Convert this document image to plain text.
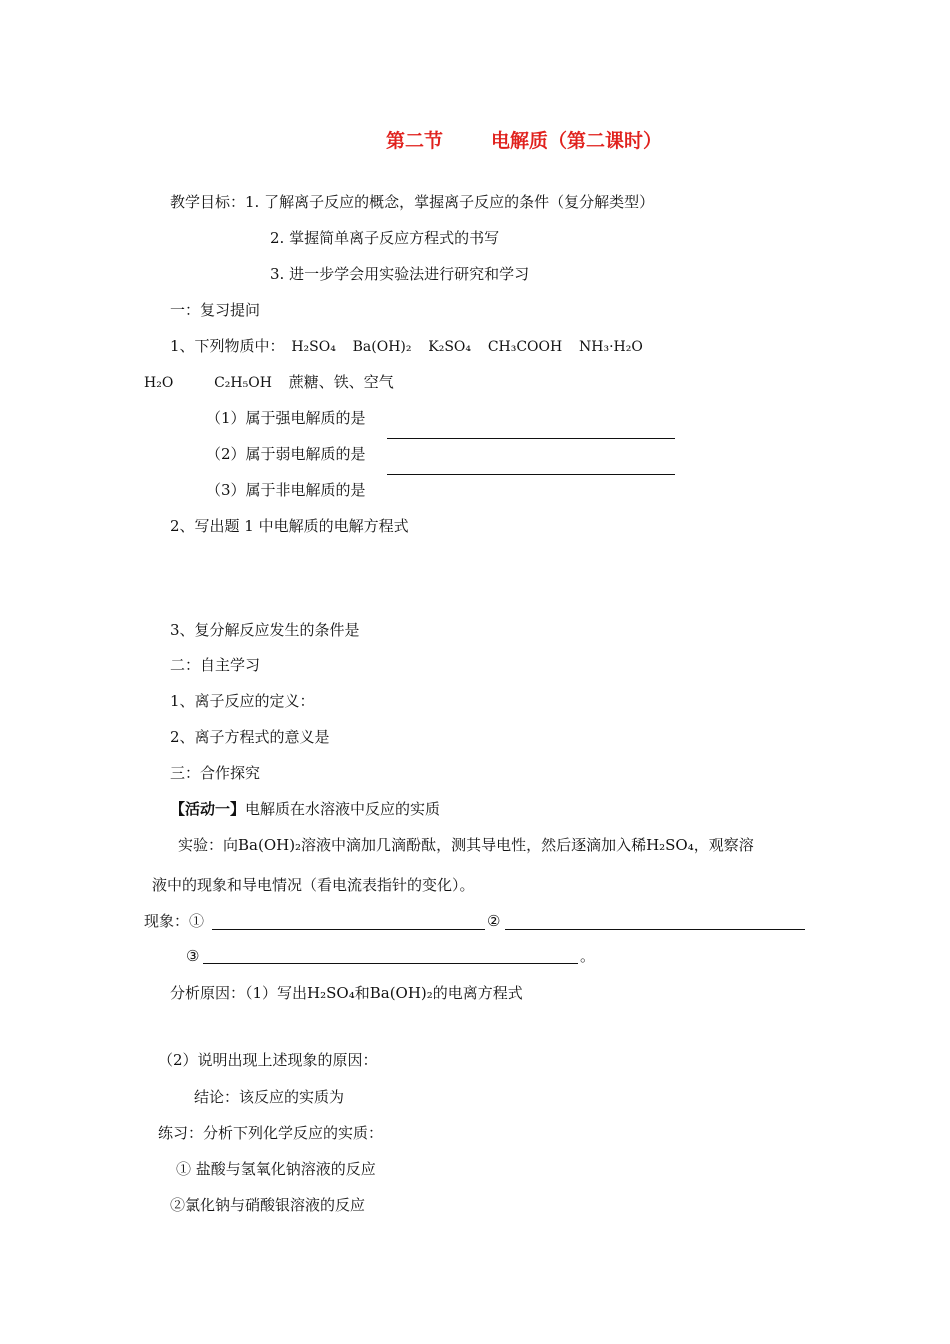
第二节	电解质（第二课时）
教学目标：1. 了解离子反应的概念，掌握离子反应的条件（复分解类型）
2. 掌握简单离子反应方程式的书写
3. 进一步学会用实验法进行研究和学习
一：复习提问
1、下列物质中： H₂SO₄ Ba(OH)₂ K₂SO₄ CH₃COOH NH₃·H₂O
H₂O	C₂H₅OH 蔗糖、铁、空气
（1）属于强电解质的是
（2）属于弱电解质的是
（3）属于非电解质的是
2、写出题 1 中电解质的电解方程式
3、复分解反应发生的条件是
二：自主学习
1、离子反应的定义：
2、离子方程式的意义是
三：合作探究
【活动一】电解质在水溶液中反应的实质
实验：向Ba(OH)₂溶液中滴加几滴酚酞，测其导电性，然后逐滴加入稀H₂SO₄，观察溶
液中的现象和导电情况（看电流表指针的变化）。
现象：①	②
③	。
分析原因：（1）写出H₂SO₄和Ba(OH)₂的电离方程式
（2）说明出现上述现象的原因：
结论：该反应的实质为
练习：分析下列化学反应的实质：
① 盐酸与氢氧化钠溶液的反应
②氯化钠与硝酸银溶液的反应
